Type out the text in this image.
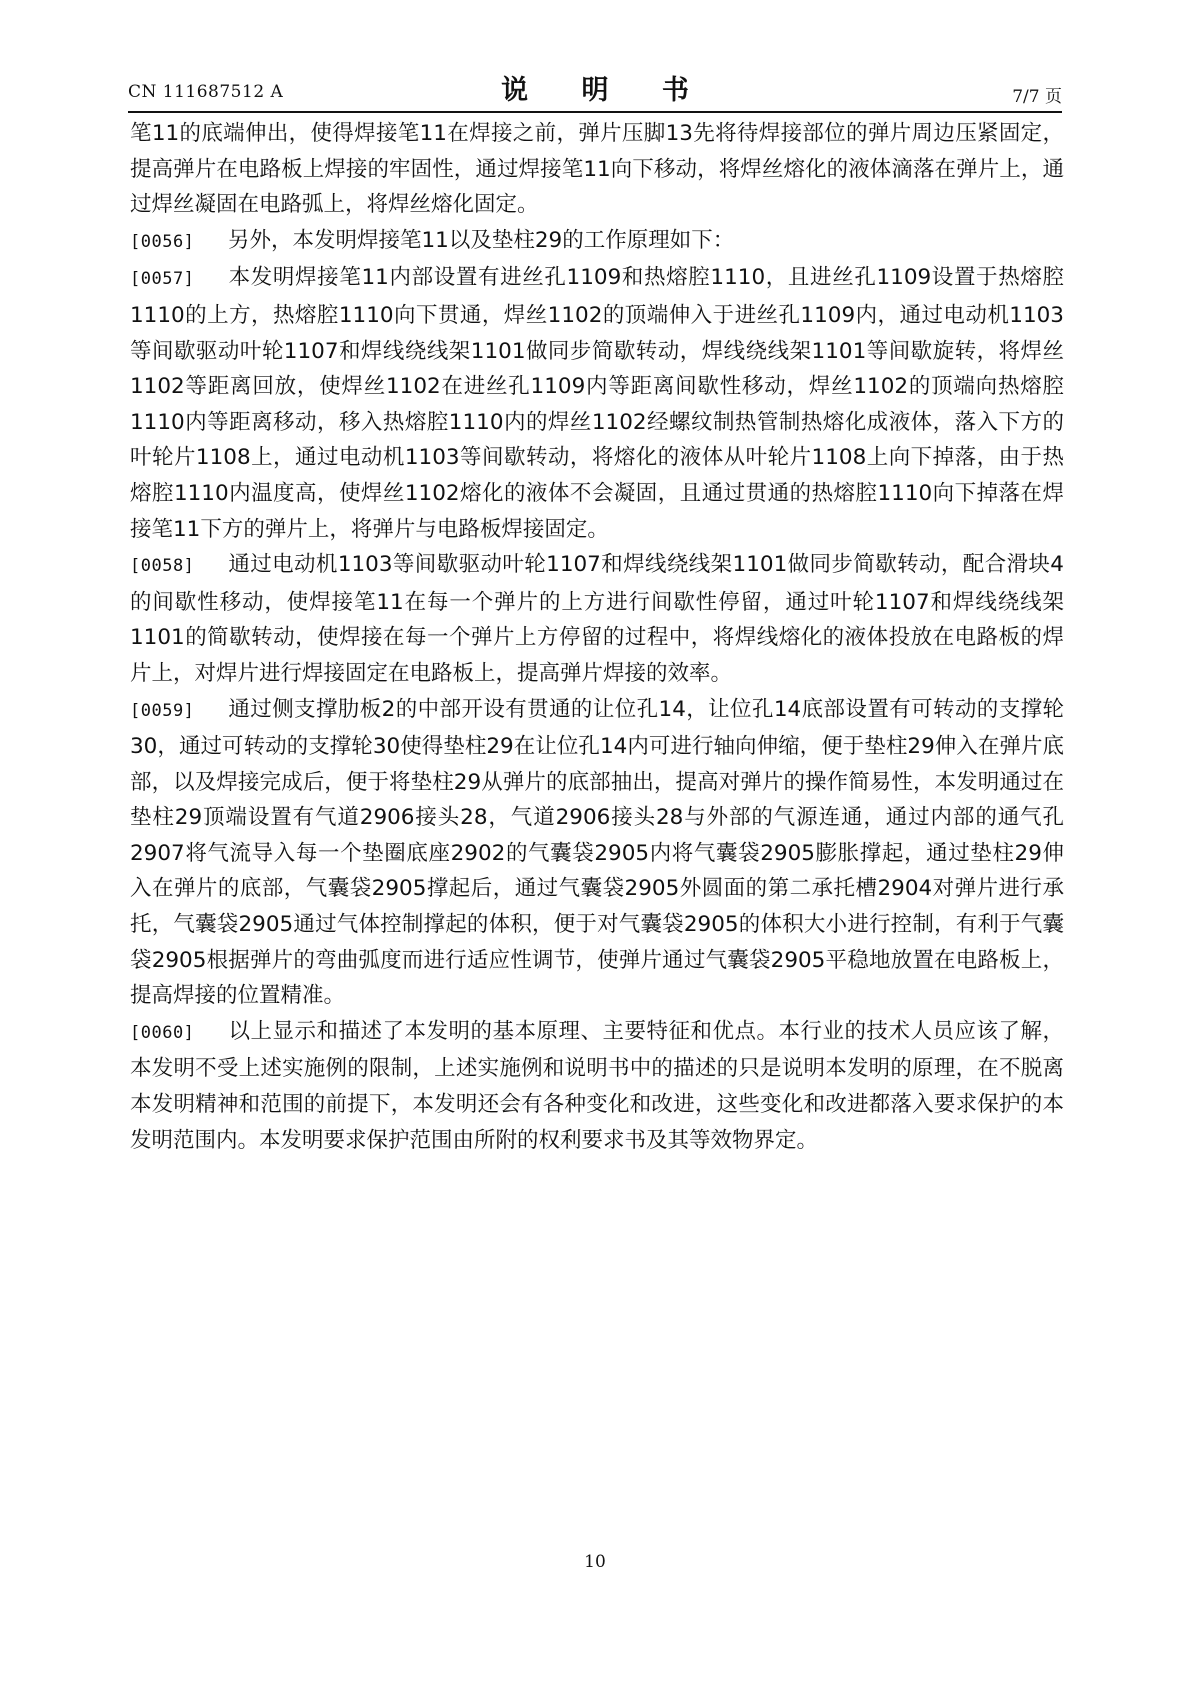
CN 111687512 A	说 明 书	7/7 页

笔11的底端伸出，使得焊接笔11在焊接之前，弹片压脚13先将待焊接部位的弹片周边压紧固定，提高弹片在电路板上焊接的牢固性，通过焊接笔11向下移动，将焊丝熔化的液体滴落在弹片上，通过焊丝凝固在电路弧上，将焊丝熔化固定。

[0056] 另外，本发明焊接笔11以及垫柱29的工作原理如下：

[0057] 本发明焊接笔11内部设置有进丝孔1109和热熔腔1110，且进丝孔1109设置于热熔腔1110的上方，热熔腔1110向下贯通，焊丝1102的顶端伸入于进丝孔1109内，通过电动机1103等间歇驱动叶轮1107和焊线绕线架1101做同步简歇转动，焊线绕线架1101等间歇旋转，将焊丝1102等距离回放，使焊丝1102在进丝孔1109内等距离间歇性移动，焊丝1102的顶端向热熔腔1110内等距离移动，移入热熔腔1110内的焊丝1102经螺纹制热管制热熔化成液体，落入下方的叶轮片1108上，通过电动机1103等间歇转动，将熔化的液体从叶轮片1108上向下掉落，由于热熔腔1110内温度高，使焊丝1102熔化的液体不会凝固，且通过贯通的热熔腔1110向下掉落在焊接笔11下方的弹片上，将弹片与电路板焊接固定。

[0058] 通过电动机1103等间歇驱动叶轮1107和焊线绕线架1101做同步简歇转动，配合滑块4的间歇性移动，使焊接笔11在每一个弹片的上方进行间歇性停留，通过叶轮1107和焊线绕线架1101的简歇转动，使焊接在每一个弹片上方停留的过程中，将焊线熔化的液体投放在电路板的焊片上，对焊片进行焊接固定在电路板上，提高弹片焊接的效率。

[0059] 通过侧支撑肋板2的中部开设有贯通的让位孔14，让位孔14底部设置有可转动的支撑轮30，通过可转动的支撑轮30使得垫柱29在让位孔14内可进行轴向伸缩，便于垫柱29伸入在弹片底部，以及焊接完成后，便于将垫柱29从弹片的底部抽出，提高对弹片的操作简易性，本发明通过在垫柱29顶端设置有气道2906接头28，气道2906接头28与外部的气源连通，通过内部的通气孔2907将气流导入每一个垫圈底座2902的气囊袋2905内将气囊袋2905膨胀撑起，通过垫柱29伸入在弹片的底部，气囊袋2905撑起后，通过气囊袋2905外圆面的第二承托槽2904对弹片进行承托，气囊袋2905通过气体控制撑起的体积，便于对气囊袋2905的体积大小进行控制，有利于气囊袋2905根据弹片的弯曲弧度而进行适应性调节，使弹片通过气囊袋2905平稳地放置在电路板上，提高焊接的位置精准。

[0060] 以上显示和描述了本发明的基本原理、主要特征和优点。本行业的技术人员应该了解，本发明不受上述实施例的限制，上述实施例和说明书中的描述的只是说明本发明的原理，在不脱离本发明精神和范围的前提下，本发明还会有各种变化和改进，这些变化和改进都落入要求保护的本发明范围内。本发明要求保护范围由所附的权利要求书及其等效物界定。

10
